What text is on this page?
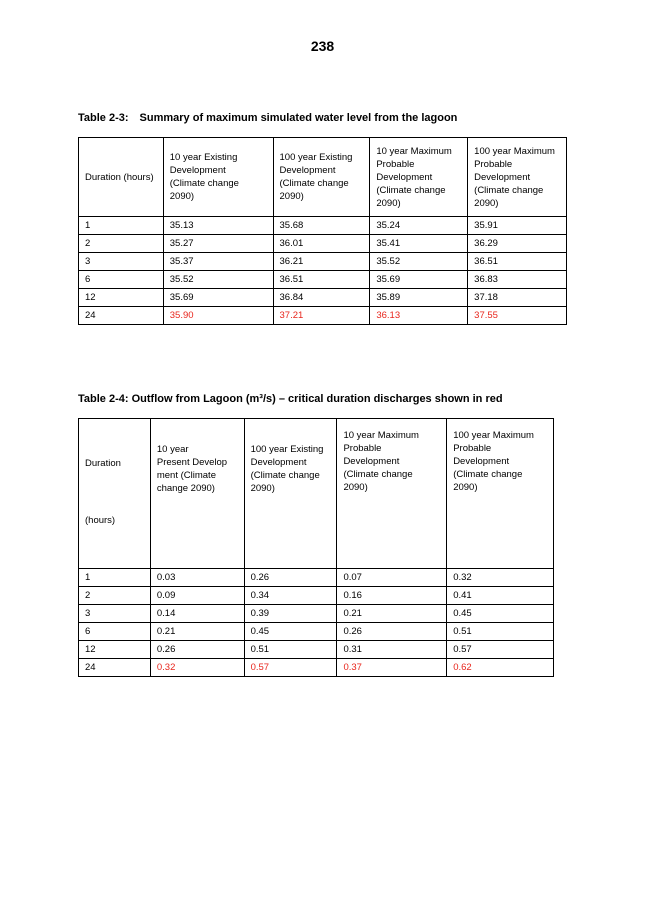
238
Table 2-3: Summary of maximum simulated water level from the lagoon
Duration (hours)	10 year Existing
Development
(Climate change
2090)	100 year Existing
Development
(Climate change
2090)	10 year Maximum
Probable
Development
(Climate change
2090)	100 year Maximum
Probable
Development
(Climate change
2090)
1	35.13	35.68	35.24	35.91
2	35.27	36.01	35.41	36.29
3	35.37	36.21	35.52	36.51
6	35.52	36.51	35.69	36.83
12	35.69	36.84	35.89	37.18
24	35.90	37.21	36.13	37.55
Table 2-4: Outflow from Lagoon (m³/s) – critical duration discharges shown in red
Duration
(hours)	10 year
Present Develop
ment (Climate
change 2090)	100 year Existing
Development
(Climate change
2090)	10 year Maximum
Probable
Development
(Climate change
2090)	100 year Maximum
Probable
Development
(Climate change
2090)
1	0.03	0.26	0.07	0.32
2	0.09	0.34	0.16	0.41
3	0.14	0.39	0.21	0.45
6	0.21	0.45	0.26	0.51
12	0.26	0.51	0.31	0.57
24	0.32	0.57	0.37	0.62
